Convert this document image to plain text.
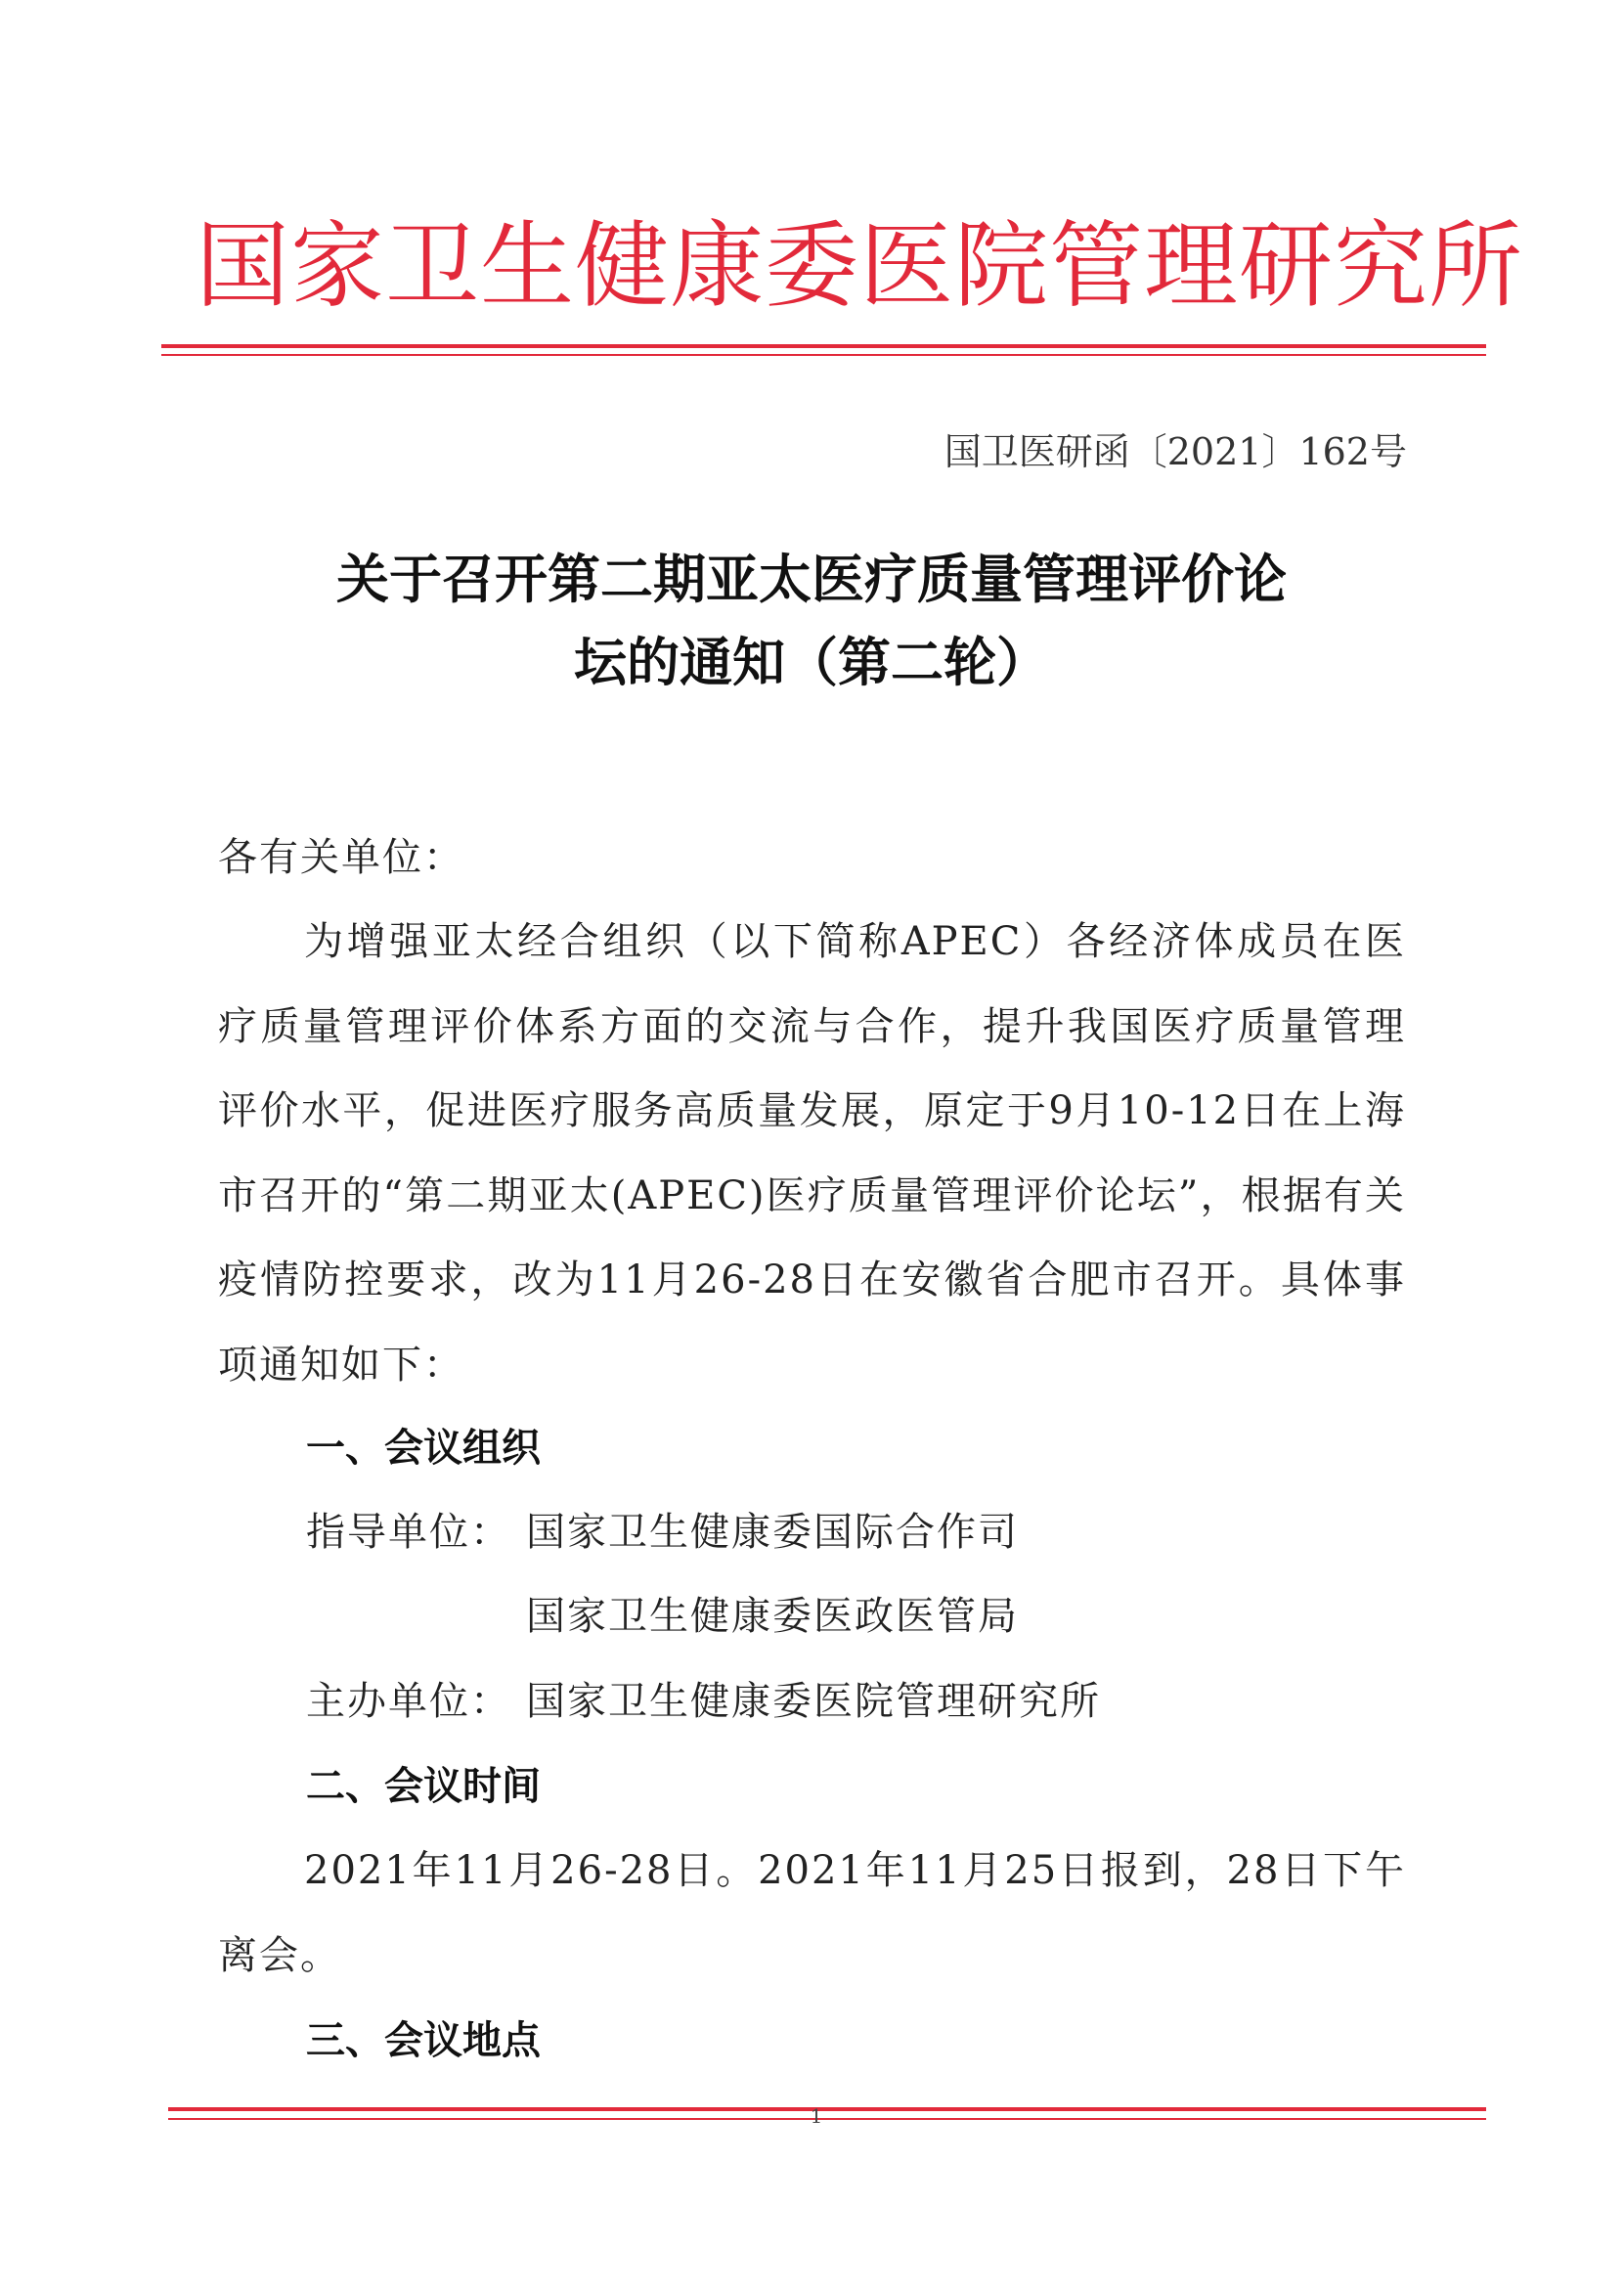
国家卫生健康委医院管理研究所
国卫医研函〔2021〕162号
关于召开第二期亚太医疗质量管理评价论
坛的通知（第二轮）
各有关单位：
为增强亚太经合组织（以下简称APEC）各经济体成员在医疗质量管理评价体系方面的交流与合作，提升我国医疗质量管理评价水平，促进医疗服务高质量发展，原定于9月10-12日在上海市召开的“第二期亚太(APEC)医疗质量管理评价论坛”，根据有关疫情防控要求，改为11月26-28日在安徽省合肥市召开。具体事项通知如下：
一、会议组织
指导单位： 国家卫生健康委国际合作司
国家卫生健康委医政医管局
主办单位： 国家卫生健康委医院管理研究所
二、会议时间
2021年11月26-28日。2021年11月25日报到，28日下午离会。
三、会议地点
1
